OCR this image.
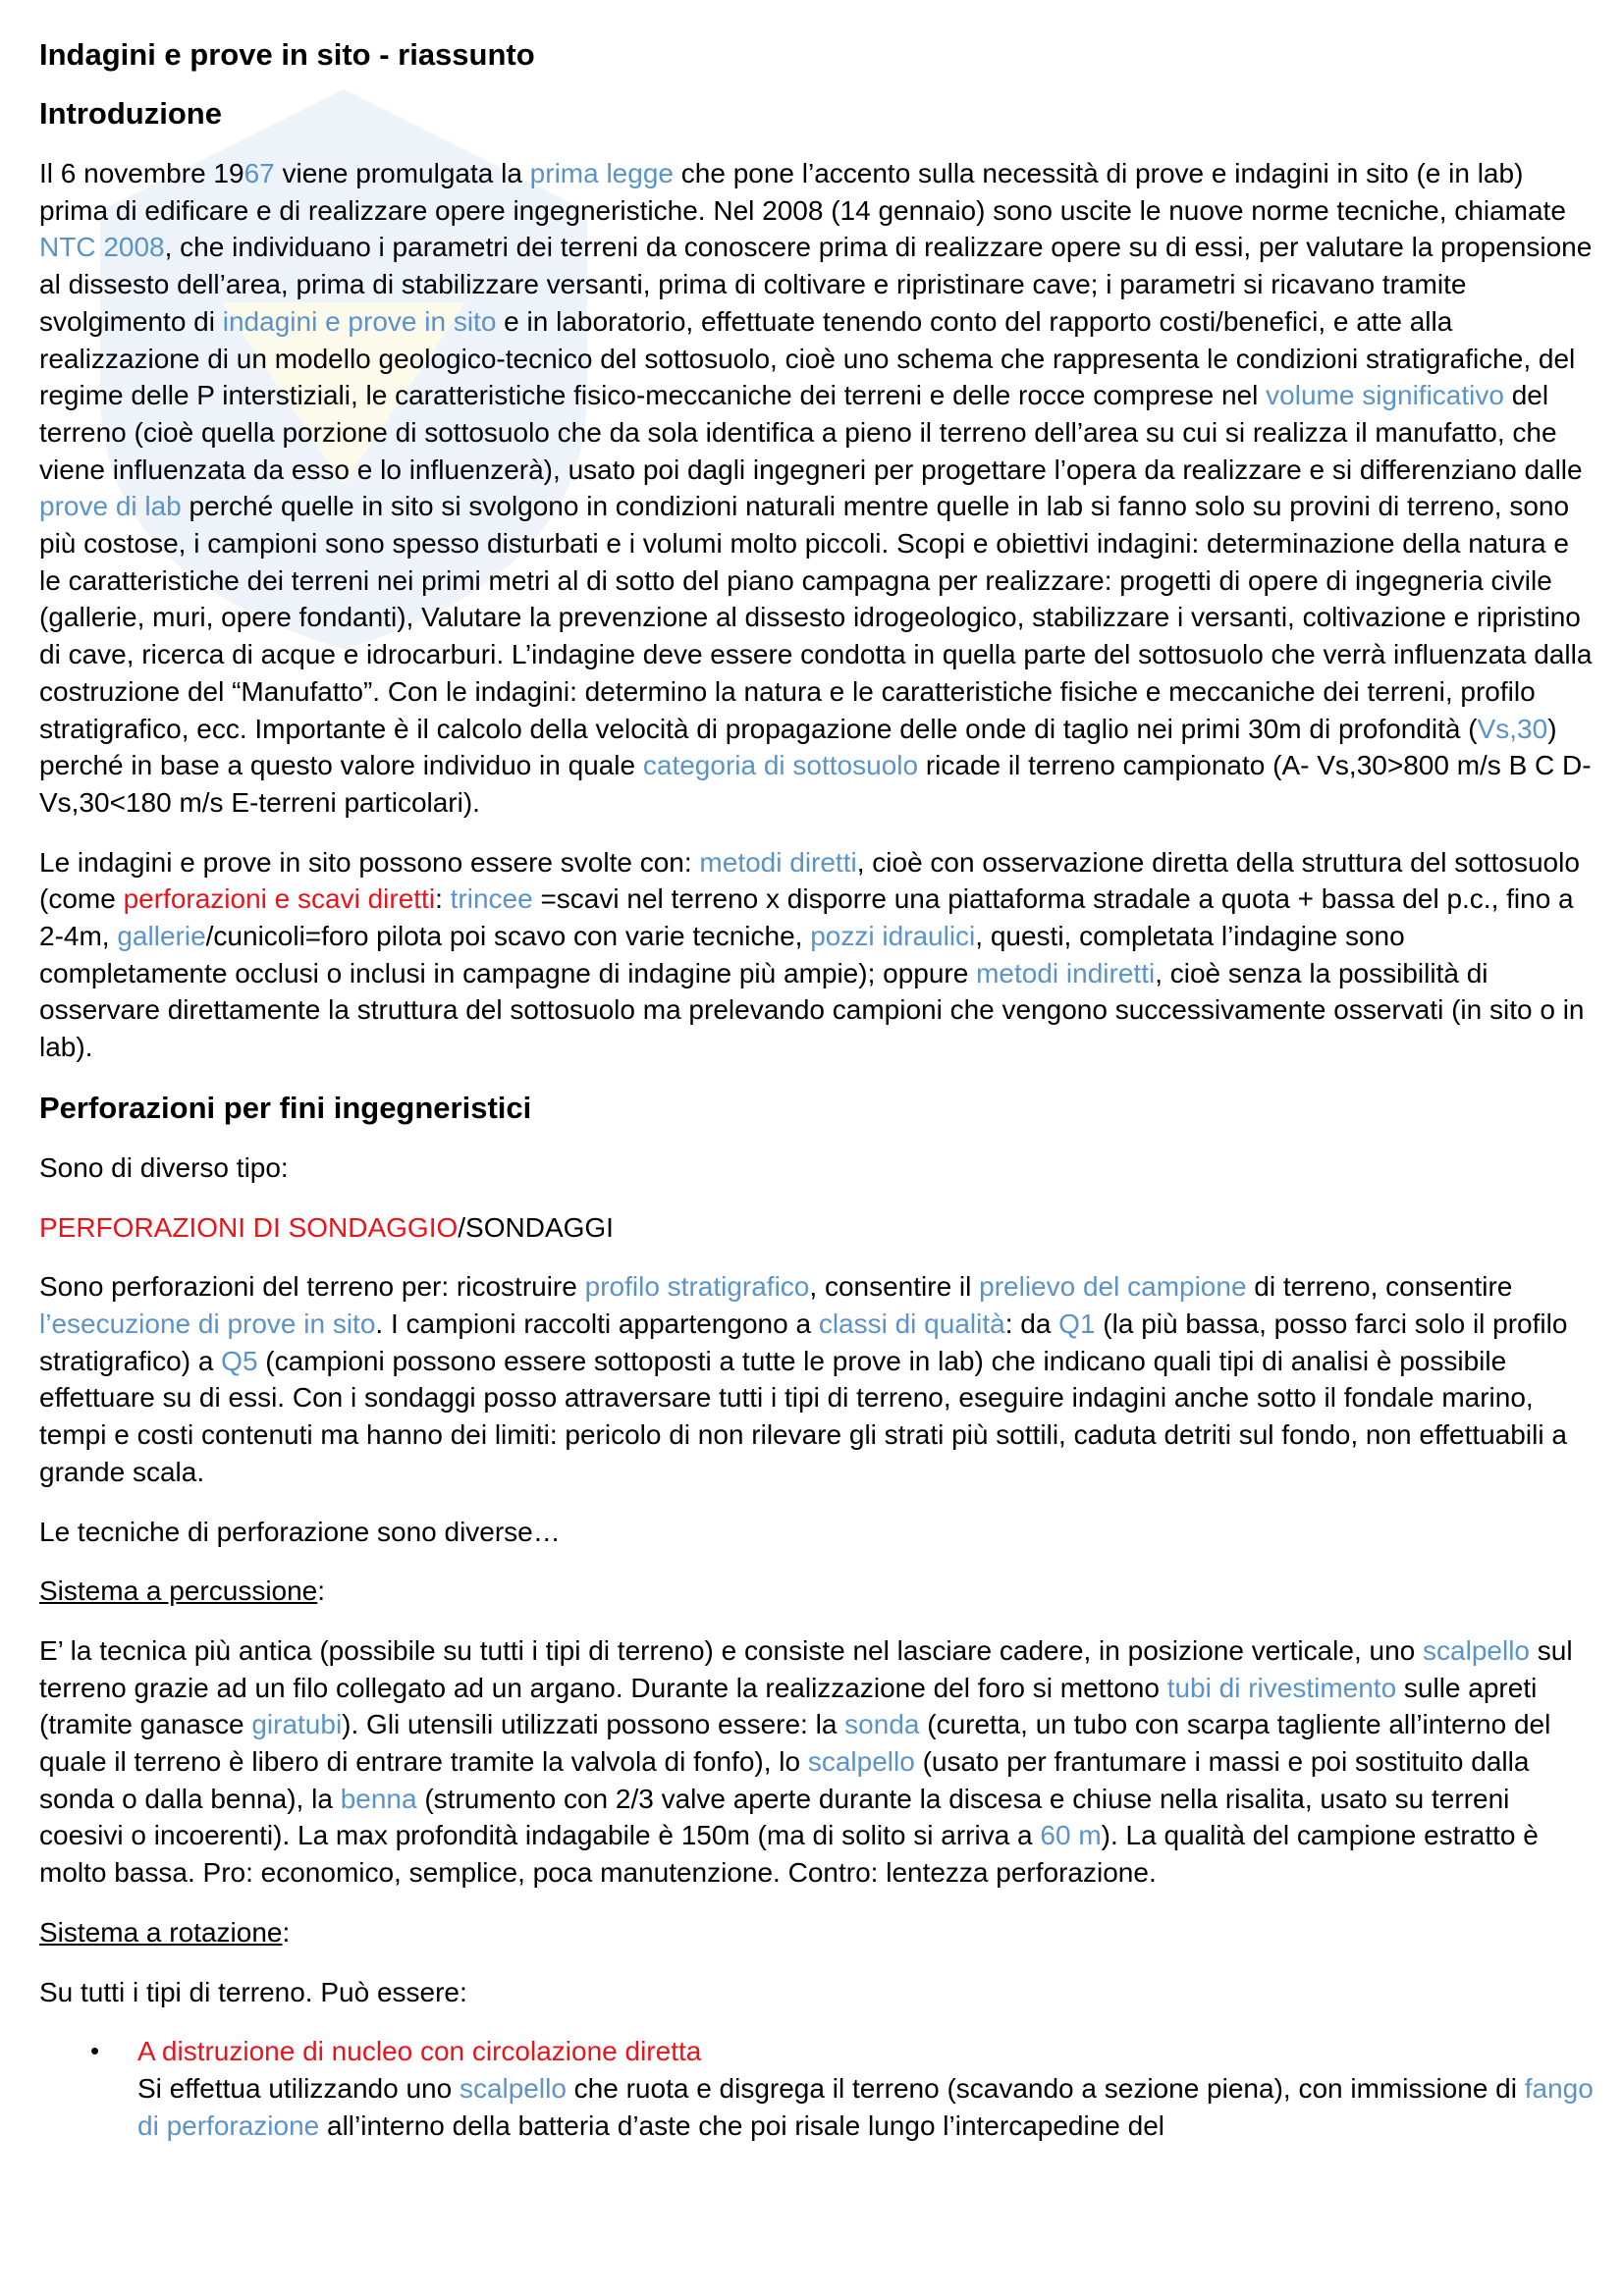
Indagini e prove in sito - riassunto
Introduzione

Il 6 novembre 1967 viene promulgata la prima legge che pone l’accento sulla necessità di prove e indagini in sito (e in lab) prima di edificare e di realizzare opere ingegneristiche. Nel 2008 (14 gennaio) sono uscite le nuove norme tecniche, chiamate NTC 2008, che individuano i parametri dei terreni da conoscere prima di realizzare opere su di essi, per valutare la propensione al dissesto dell’area, prima di stabilizzare versanti, prima di coltivare e ripristinare cave; i parametri si ricavano tramite svolgimento di indagini e prove in sito e in laboratorio, effettuate tenendo conto del rapporto costi/benefici, e atte alla realizzazione di un modello geologico-tecnico del sottosuolo, cioè uno schema che rappresenta le condizioni stratigrafiche, del regime delle P interstiziali, le caratteristiche fisico-meccaniche dei terreni e delle rocce comprese nel volume significativo del terreno (cioè quella porzione di sottosuolo che da sola identifica a pieno il terreno dell’area su cui si realizza il manufatto, che viene influenzata da esso e lo influenzerà), usato poi dagli ingegneri per progettare l’opera da realizzare e si differenziano dalle prove di lab perché quelle in sito si svolgono in condizioni naturali mentre quelle in lab si fanno solo su provini di terreno, sono più costose, i campioni sono spesso disturbati e i volumi molto piccoli. Scopi e obiettivi indagini: determinazione della natura e le caratteristiche dei terreni nei primi metri al di sotto del piano campagna per realizzare: progetti di opere di ingegneria civile (gallerie, muri, opere fondanti), Valutare la prevenzione al dissesto idrogeologico, stabilizzare i versanti, coltivazione e ripristino di cave, ricerca di acque e idrocarburi. L’indagine deve essere condotta in quella parte del sottosuolo che verrà influenzata dalla costruzione del “Manufatto”. Con le indagini: determino la natura e le caratteristiche fisiche e meccaniche dei terreni, profilo stratigrafico, ecc. Importante è il calcolo della velocità di propagazione delle onde di taglio nei primi 30m di profondità (Vs,30) perché in base a questo valore individuo in quale categoria di sottosuolo ricade il terreno campionato (A- Vs,30>800 m/s B C D- Vs,30<180 m/s E-terreni particolari).

Le indagini e prove in sito possono essere svolte con: metodi diretti, cioè con osservazione diretta della struttura del sottosuolo (come perforazioni e scavi diretti: trincee =scavi nel terreno x disporre una piattaforma stradale a quota + bassa del p.c., fino a 2-4m, gallerie/cunicoli=foro pilota poi scavo con varie tecniche, pozzi idraulici, questi, completata l’indagine sono completamente occlusi o inclusi in campagne di indagine più ampie); oppure metodi indiretti, cioè senza la possibilità di osservare direttamente la struttura del sottosuolo ma prelevando campioni che vengono successivamente osservati (in sito o in lab).

Perforazioni per fini ingegneristici

Sono di diverso tipo:

PERFORAZIONI DI SONDAGGIO/SONDAGGI

Sono perforazioni del terreno per: ricostruire profilo stratigrafico, consentire il prelievo del campione di terreno, consentire l’esecuzione di prove in sito. I campioni raccolti appartengono a classi di qualità: da Q1 (la più bassa, posso farci solo il profilo stratigrafico) a Q5 (campioni possono essere sottoposti a tutte le prove in lab) che indicano quali tipi di analisi è possibile effettuare su di essi. Con i sondaggi posso attraversare tutti i tipi di terreno, eseguire indagini anche sotto il fondale marino, tempi e costi contenuti ma hanno dei limiti: pericolo di non rilevare gli strati più sottili, caduta detriti sul fondo, non effettuabili a grande scala.

Le tecniche di perforazione sono diverse…

Sistema a percussione:

E’ la tecnica più antica (possibile su tutti i tipi di terreno) e consiste nel lasciare cadere, in posizione verticale, uno scalpello sul terreno grazie ad un filo collegato ad un argano. Durante la realizzazione del foro si mettono tubi di rivestimento sulle apreti (tramite ganasce giratubi). Gli utensili utilizzati possono essere: la sonda (curetta, un tubo con scarpa tagliente all’interno del quale il terreno è libero di entrare tramite la valvola di fonfo), lo scalpello (usato per frantumare i massi e poi sostituito dalla sonda o dalla benna), la benna (strumento con 2/3 valve aperte durante la discesa e chiuse nella risalita, usato su terreni coesivi o incoerenti). La max profondità indagabile è 150m (ma di solito si arriva a 60 m). La qualità del campione estratto è molto bassa. Pro: economico, semplice, poca manutenzione. Contro: lentezza perforazione.

Sistema a rotazione:

Su tutti i tipi di terreno. Può essere:

• A distruzione di nucleo con circolazione diretta
Si effettua utilizzando uno scalpello che ruota e disgrega il terreno (scavando a sezione piena), con immissione di fango di perforazione all’interno della batteria d’aste che poi risale lungo l’intercapedine del
